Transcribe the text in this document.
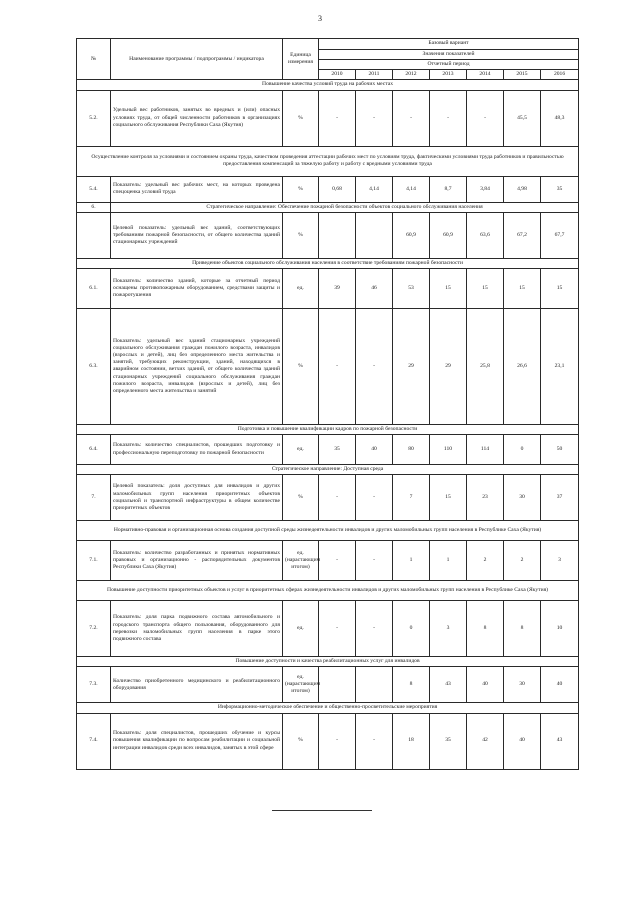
3
№	Наименование программы / подпрограммы / индикатора	Единица измерения	Базовый вариант						
			Значения показателей						
			Отчетный период						
			2010	2011	2012	2013	2014	2015	2016
Повышение качества условий труда на рабочих местах									
5.2.	Удельный вес работников, занятых во вредных и (или) опасных условиях труда, от общей численности работников в организациях социального обслуживания Республики Саха (Якутия)	%	-	-	-	-	-	45,5	48,3
Осуществление контроля за условиями и состоянием охраны труда, качеством проведения аттестации рабочих мест по условиям труда, фактическими условиями труда работников и правильностью предоставления компенсаций за тяжелую работу и работу с вредными условиями труда									
5.4.	Показатель: удельный вес рабочих мест, на которых проведена спецоценка условий труда	%	0,68	4,14	4,14	8,7	3,84	4,98	35
6.	Стратегическое направление: Обеспечение пожарной безопасности объектов социального обслуживания населения								
	Целевой показатель: удельный вес зданий, соответствующих требованиям пожарной безопасности, от общего количества зданий стационарных учреждений	%			60,9	60,9	63,6	67,2	67,7
Приведение объектов социального обслуживания населения в соответствие требованиям пожарной безопасности									
6.1.	Показатель: количество зданий, которые за отчетный период оснащены противопожарным оборудованием, средствами защиты и пожаротушения	ед.	39	46	53	15	15	15	15
6.3.	Показатель: удельный вес зданий стационарных учреждений социального обслуживания граждан пожилого возраста, инвалидов (взрослых и детей), лиц без определенного места жительства и занятий, требующих реконструкции, зданий, находящихся в аварийном состоянии, ветхих зданий, от общего количества зданий стационарных учреждений социального обслуживания граждан пожилого возраста, инвалидов (взрослых и детей), лиц без определенного места жительства и занятий	%	-	-	29	29	25,8	26,6	23,1
Подготовка и повышение квалификации кадров по пожарной безопасности									
6.4.	Показатель: количество специалистов, прошедших подготовку и профессиональную переподготовку по пожарной безопасности	ед.	35	40	80	110	114	0	50
Стратегическое направление: Доступная среда									
7.	Целевой показатель: доля доступных для инвалидов и других маломобильных групп населения приоритетных объектов социальной и транспортной инфраструктуры в общем количестве приоритетных объектов	%	-	-	7	15	23	30	37
Нормативно-правовая и организационная основа создания доступной среды жизнедеятельности инвалидов и других маломобильных групп населения в Республике Саха (Якутия)									
7.1.	Показатель: количество разработанных и принятых нормативных правовых и организационно - распорядительных документов Республики Саха (Якутия)	ед. (нарастающим итогом)	-	-	1	1	2	2	3
Повышение доступности приоритетных объектов и услуг в приоритетных сферах жизнедеятельности инвалидов и других маломобильных групп населения в Республике Саха (Якутия)									
7.2.	Показатель: доля парка подвижного состава автомобильного и городского транспорта общего пользования, оборудованного для перевозки маломобильных групп населения в парке этого подвижного состава	ед.	-	-	0	3	8	8	10
Повышение доступности и качества реабилитационных услуг для инвалидов									
7.3.	Количество приобретенного медицинского и реабилитационного оборудования	ед. (нарастающим итогом)			8	43	40	30	40
Информационно-методическое обеспечение и общественно-просветительские мероприятия									
7.4.	Показатель: доля специалистов, прошедших обучение и курсы повышения квалификации по вопросам реабилитации и социальной интеграции инвалидов среди всех инвалидов, занятых в этой сфере	%	-	-	18	35	42	40	43
